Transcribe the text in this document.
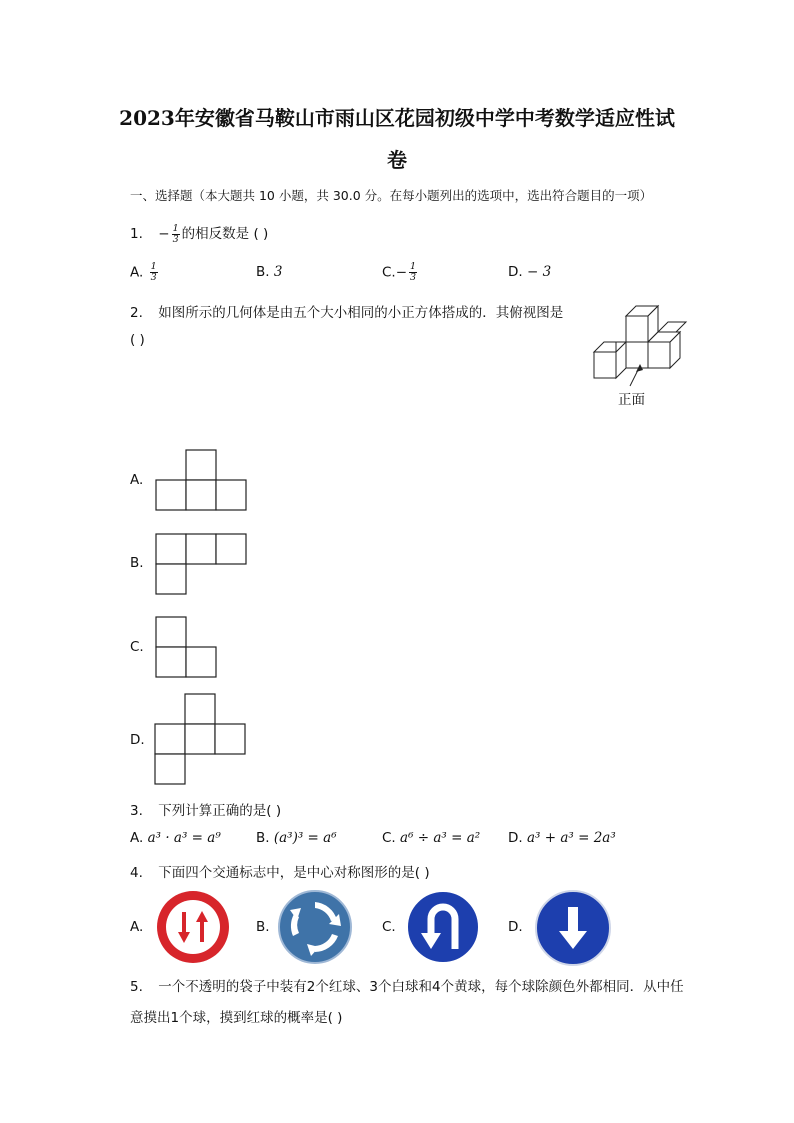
2023年安徽省马鞍山市雨山区花园初级中学中考数学适应性试
卷
一、选择题（本大题共 10 小题，共 30.0 分。在每小题列出的选项中，选出符合题目的一项）
1. − $\frac{1}{3}$ 的相反数是 ( )
A. $\frac{1}{3}$	B. 3	$C.- \frac{1}{3}$	D. − 3
2. 如图所示的几何体是由五个大小相同的小正方体搭成的．其俯视图是
( )
正面
A.
B.
C.
D.
3. 下列计算正确的是( )
A. a³ · a³ = a⁹	B. (a³)³ = a⁶	C. a⁶ ÷ a³ = a² D. a³ + a³ = 2a³
4. 下面四个交通标志中，是中心对称图形的是( )
A.	B.	C.	D.
5. 一个不透明的袋子中装有2个红球、3个白球和4个黄球，每个球除颜色外都相同．从中任
意摸出1个球，摸到红球的概率是( )
